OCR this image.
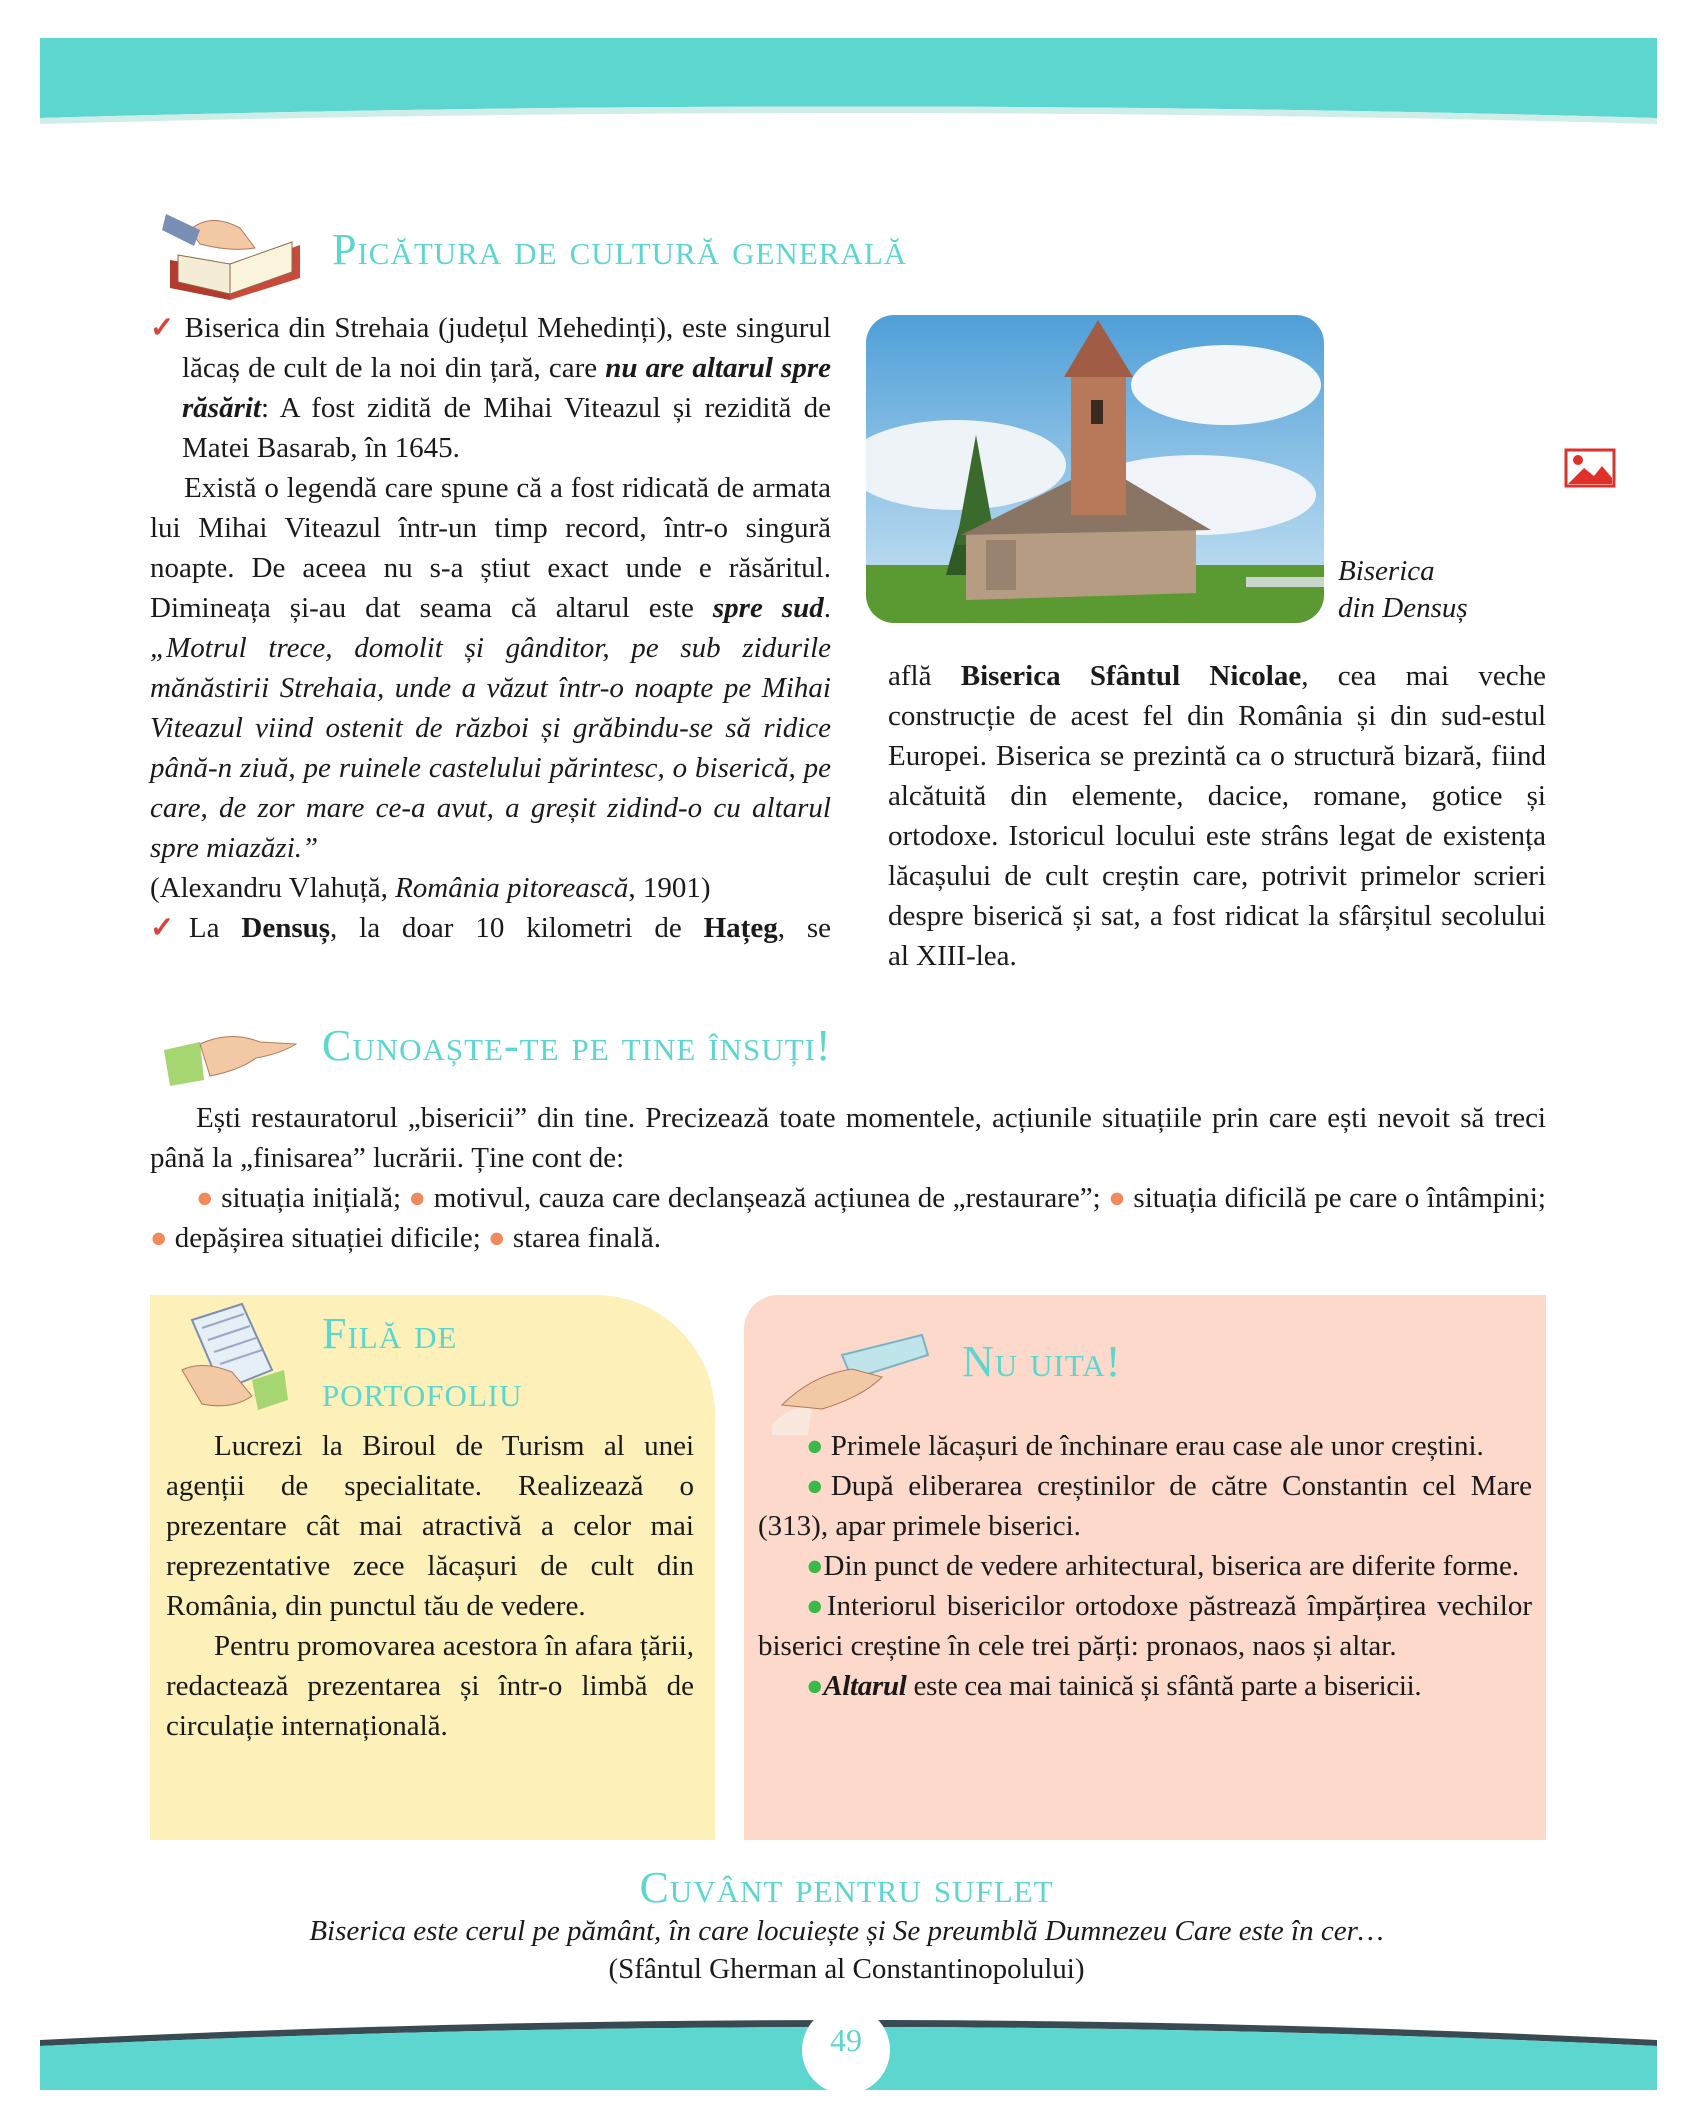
Picătura de cultură generală

✓ Biserica din Strehaia (județul Mehedinți), este singurul lăcaș de cult de la noi din țară, care nu are altarul spre răsărit: A fost zidită de Mihai Viteazul și rezidită de Matei Basarab, în 1645.

Există o legendă care spune că a fost ridicată de armata lui Mihai Viteazul într-un timp record, într-o singură noapte. De aceea nu s-a știut exact unde e răsăritul. Dimineața și-au dat seama că altarul este spre sud. „Motrul trece, domolit și gânditor, pe sub zidurile mănăstirii Strehaia, unde a văzut într-o noapte pe Mihai Viteazul viind ostenit de război și grăbindu-se să ridice până-n ziuă, pe ruinele castelului părintesc, o biserică, pe care, de zor mare ce-a avut, a greșit zidind-o cu altarul spre miazăzi.”

(Alexandru Vlahuță, România pitorească, 1901)

✓La Densuș, la doar 10 kilometri de Hațeg, se

Biserica
din Densuș

află Biserica Sfântul Nicolae, cea mai veche construcție de acest fel din România și din sud-estul Europei. Biserica se prezintă ca o structură bizară, fiind alcătuită din elemente, dacice, romane, gotice și ortodoxe. Istoricul locului este strâns legat de existența lăcașului de cult creștin care, potrivit primelor scrieri despre biserică și sat, a fost ridicat la sfârșitul secolului al XIII-lea.

Cunoaște-te pe tine însuți!

Ești restauratorul „bisericii” din tine. Precizează toate momentele, acțiunile situațiile prin care ești nevoit să treci până la „finisarea” lucrării. Ține cont de:

● situația inițială; ● motivul, cauza care declanșează acțiunea de „restaurare”; ● situația dificilă pe care o întâmpini; ● depășirea situației dificile; ● starea finală.

Filă de
portofoliu

Lucrezi la Biroul de Turism al unei agenții de specialitate. Realizează o prezentare cât mai atractivă a celor mai reprezentative zece lăcașuri de cult din România, din punctul tău de vedere.

Pentru promovarea acestora în afara țării, redactează prezentarea și într-o limbă de circulație internațională.

Nu uita!

● Primele lăcașuri de închinare erau case ale unor creștini.

●După eliberarea creștinilor de către Constantin cel Mare (313), apar primele biserici.

●Din punct de vedere arhitectural, biserica are diferite forme.

●Interiorul bisericilor ortodoxe păstrează împărțirea vechilor biserici creștine în cele trei părți: pronaos, naos și altar.

●Altarul este cea mai tainică și sfântă parte a bisericii.

Cuvânt pentru suflet
Biserica este cerul pe pământ, în care locuiește și Se preumblă Dumnezeu Care este în cer…
(Sfântul Gherman al Constantinopolului)
49
